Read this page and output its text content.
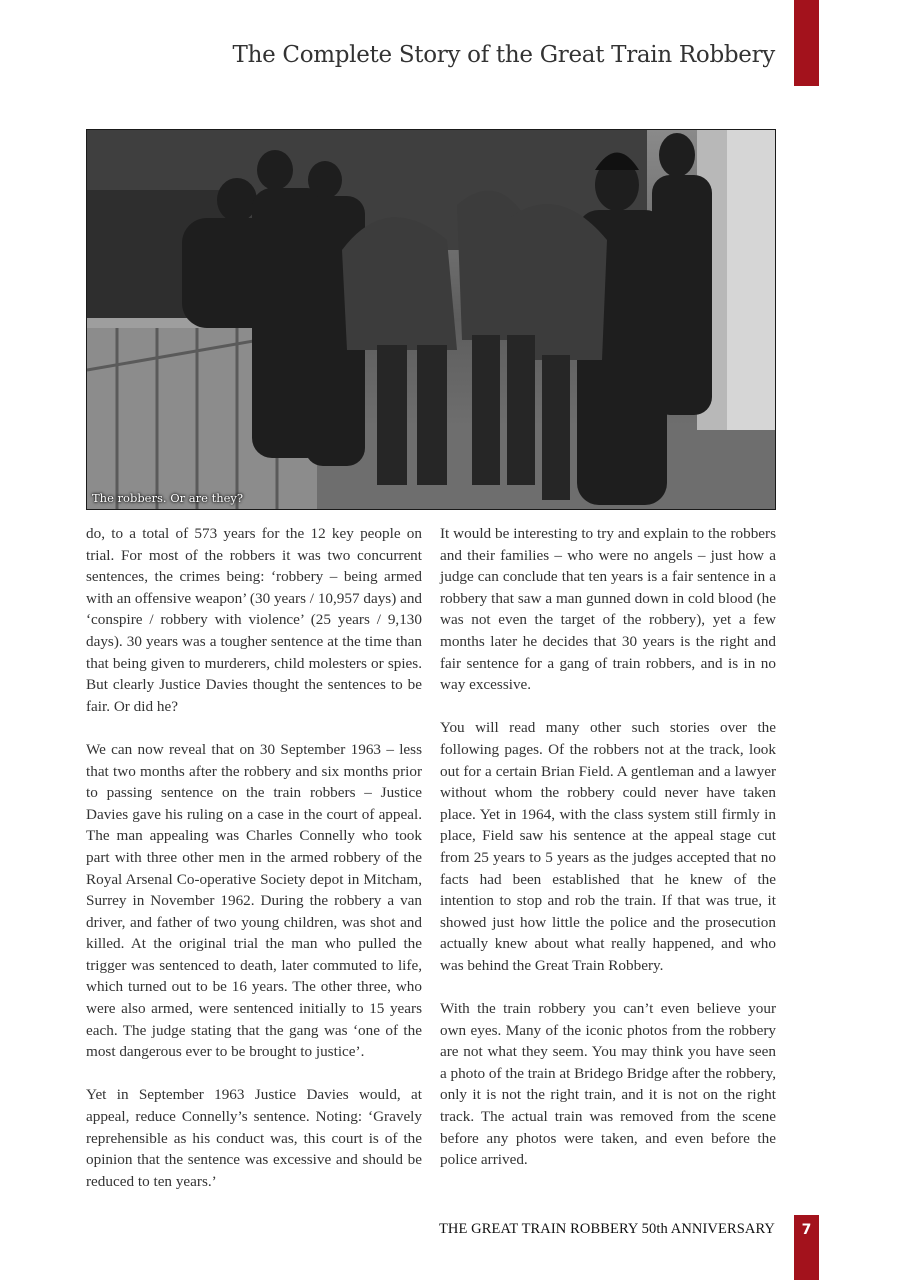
The Complete Story of the Great Train Robbery
The robbers. Or are they?

do, to a total of 573 years for the 12 key people on trial. For most of the robbers it was two concurrent sentences, the crimes being: ‘robbery – being armed with an offensive weapon’ (30 years / 10,957 days) and ‘conspire / robbery with violence’ (25 years / 9,130 days). 30 years was a tougher sentence at the time than that being given to murderers, child molesters or spies. But clearly Justice Davies thought the sentences to be fair. Or did he?

We can now reveal that on 30 September 1963 – less that two months after the robbery and six months prior to passing sentence on the train robbers – Justice Davies gave his ruling on a case in the court of appeal. The man appealing was Charles Connelly who took part with three other men in the armed robbery of the Royal Arsenal Co-operative Society depot in Mitcham, Surrey in November 1962. During the robbery a van driver, and father of two young children, was shot and killed. At the original trial the man who pulled the trigger was sentenced to death, later commuted to life, which turned out to be 16 years. The other three, who were also armed, were sentenced initially to 15 years each. The judge stating that the gang was ‘one of the most dangerous ever to be brought to justice’.

Yet in September 1963 Justice Davies would, at appeal, reduce Connelly’s sentence. Noting: ‘Gravely reprehensible as his conduct was, this court is of the opinion that the sentence was excessive and should be reduced to ten years.’

It would be interesting to try and explain to the robbers and their families – who were no angels – just how a judge can conclude that ten years is a fair sentence in a robbery that saw a man gunned down in cold blood (he was not even the target of the robbery), yet a few months later he decides that 30 years is the right and fair sentence for a gang of train robbers, and is in no way excessive.

You will read many other such stories over the following pages. Of the robbers not at the track, look out for a certain Brian Field. A gentleman and a lawyer without whom the robbery could never have taken place. Yet in 1964, with the class system still firmly in place, Field saw his sentence at the appeal stage cut from 25 years to 5 years as the judges accepted that no facts had been established that he knew of the intention to stop and rob the train. If that was true, it showed just how little the police and the prosecution actually knew about what really happened, and who was behind the Great Train Robbery.

With the train robbery you can’t even believe your own eyes. Many of the iconic photos from the robbery are not what they seem. You may think you have seen a photo of the train at Bridego Bridge after the robbery, only it is not the right train, and it is not on the right track. The actual train was removed from the scene before any photos were taken, and even before the police arrived.

THE GREAT TRAIN ROBBERY 50th ANNIVERSARY	7
